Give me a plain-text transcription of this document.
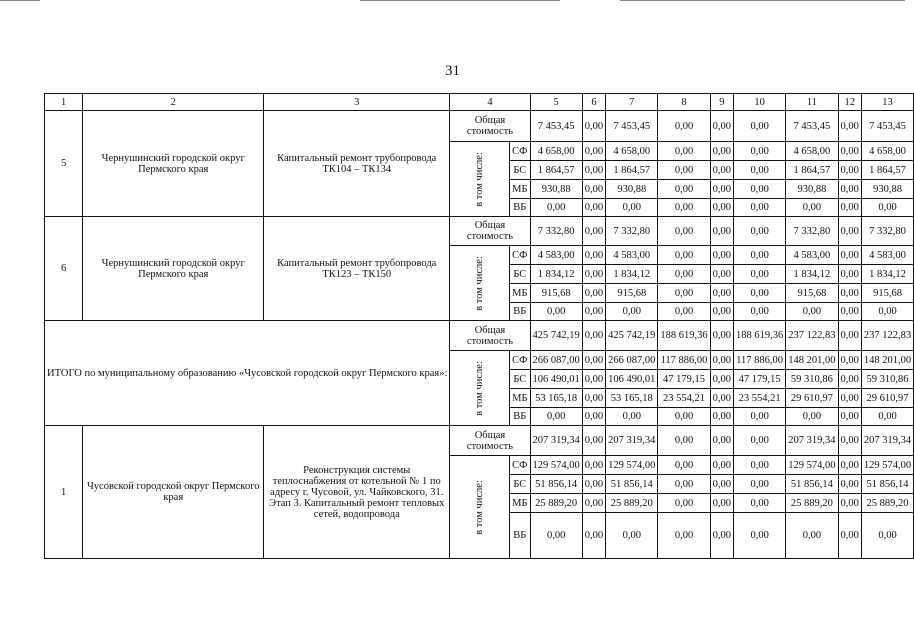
31
1	2	3	4		5	6	7	8	9	10	11	12	13
5	Чернушинский городской округ Пермского края	Капитальный ремонт трубопровода ТК104 – ТК134	Общая стоимость		7 453,45	0,00	7 453,45	0,00	0,00	0,00	7 453,45	0,00	7 453,45
			в том числе:	СФ	4 658,00	0,00	4 658,00	0,00	0,00	0,00	4 658,00	0,00	4 658,00
				БС	1 864,57	0,00	1 864,57	0,00	0,00	0,00	1 864,57	0,00	1 864,57
				МБ	930,88	0,00	930,88	0,00	0,00	0,00	930,88	0,00	930,88
				ВБ	0,00	0,00	0,00	0,00	0,00	0,00	0,00	0,00	0,00
6	Чернушинский городской округ Пермского края	Капитальный ремонт трубопровода ТК123 – ТК150	Общая стоимость		7 332,80	0,00	7 332,80	0,00	0,00	0,00	7 332,80	0,00	7 332,80
			в том числе:	СФ	4 583,00	0,00	4 583,00	0,00	0,00	0,00	4 583,00	0,00	4 583,00
				БС	1 834,12	0,00	1 834,12	0,00	0,00	0,00	1 834,12	0,00	1 834,12
				МБ	915,68	0,00	915,68	0,00	0,00	0,00	915,68	0,00	915,68
				ВБ	0,00	0,00	0,00	0,00	0,00	0,00	0,00	0,00	0,00
ИТОГО по муниципальному образованию «Чусовской городской округ Пермского края»:			Общая стоимость		425 742,19	0,00	425 742,19	188 619,36	0,00	188 619,36	237 122,83	0,00	237 122,83
			в том числе:	СФ	266 087,00	0,00	266 087,00	117 886,00	0,00	117 886,00	148 201,00	0,00	148 201,00
				БС	106 490,01	0,00	106 490,01	47 179,15	0,00	47 179,15	59 310,86	0,00	59 310,86
				МБ	53 165,18	0,00	53 165,18	23 554,21	0,00	23 554,21	29 610,97	0,00	29 610,97
				ВБ	0,00	0,00	0,00	0,00	0,00	0,00	0,00	0,00	0,00
1	Чусовской городской округ Пермского края	Реконструкция системы теплоснабжения от котельной № 1 по адресу г. Чусовой, ул. Чайковского, 31. Этап 3. Капитальный ремонт тепловых сетей, водопровода	Общая стоимость		207 319,34	0,00	207 319,34	0,00	0,00	0,00	207 319,34	0,00	207 319,34
			в том числе:	СФ	129 574,00	0,00	129 574,00	0,00	0,00	0,00	129 574,00	0,00	129 574,00
				БС	51 856,14	0,00	51 856,14	0,00	0,00	0,00	51 856,14	0,00	51 856,14
				МБ	25 889,20	0,00	25 889,20	0,00	0,00	0,00	25 889,20	0,00	25 889,20
				ВБ	0,00	0,00	0,00	0,00	0,00	0,00	0,00	0,00	0,00
